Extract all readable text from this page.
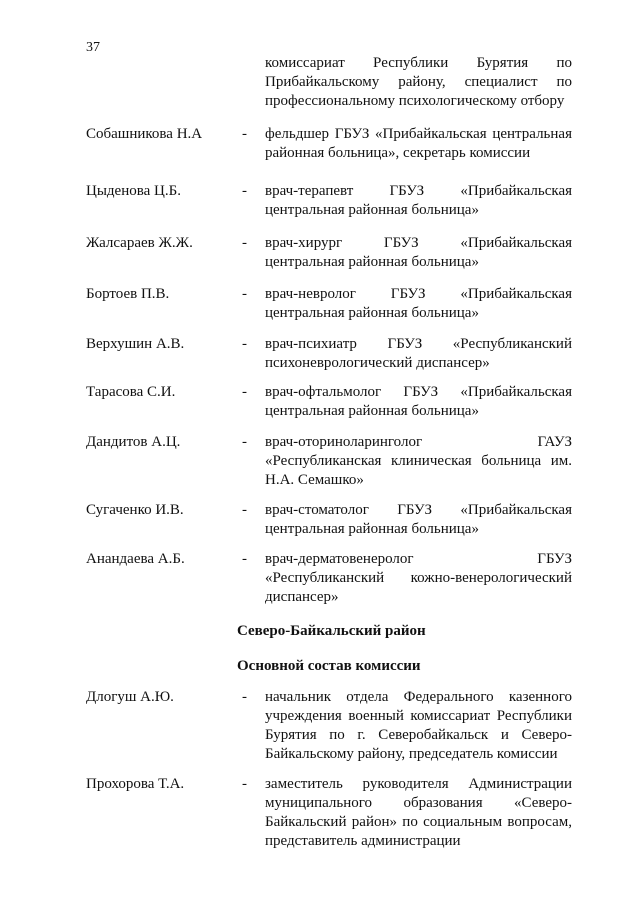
37
комиссариат Республики Бурятия по
Прибайкальскому району, специалист по
профессиональному психологическому отбору
Собашникова Н.А	- фельдшер ГБУЗ «Прибайкальская центральная
районная больница», секретарь комиссии
Цыденова Ц.Б.	- врач-терапевт ГБУЗ «Прибайкальская
центральная районная больница»
Жалсараев Ж.Ж.	- врач-хирург ГБУЗ «Прибайкальская
центральная районная больница»
Бортоев П.В.	- врач-невролог ГБУЗ «Прибайкальская
центральная районная больница»
Верхушин А.В.	- врач-психиатр ГБУЗ «Республиканский
психоневрологический диспансер»
Тарасова С.И.	- врач-офтальмолог ГБУЗ «Прибайкальская
центральная районная больница»
Дандитов А.Ц.	- врач-оториноларинголог ГАУЗ
«Республиканская клиническая больница им.
Н.А. Семашко»
Сугаченко И.В.	- врач-стоматолог ГБУЗ «Прибайкальская
центральная районная больница»
Анандаева А.Б.	- врач-дерматовенеролог ГБУЗ
«Республиканский кожно-венерологический
диспансер»
Северо-Байкальский район
Основной состав комиссии
Длогуш А.Ю.	- начальник отдела Федерального казенного
учреждения военный комиссариат Республики
Бурятия по г. Северобайкальск и Северо-
Байкальскому району, председатель комиссии
Прохорова Т.А.	- заместитель руководителя Администрации
муниципального образования «Северо-
Байкальский район» по социальным вопросам,
представитель администрации
